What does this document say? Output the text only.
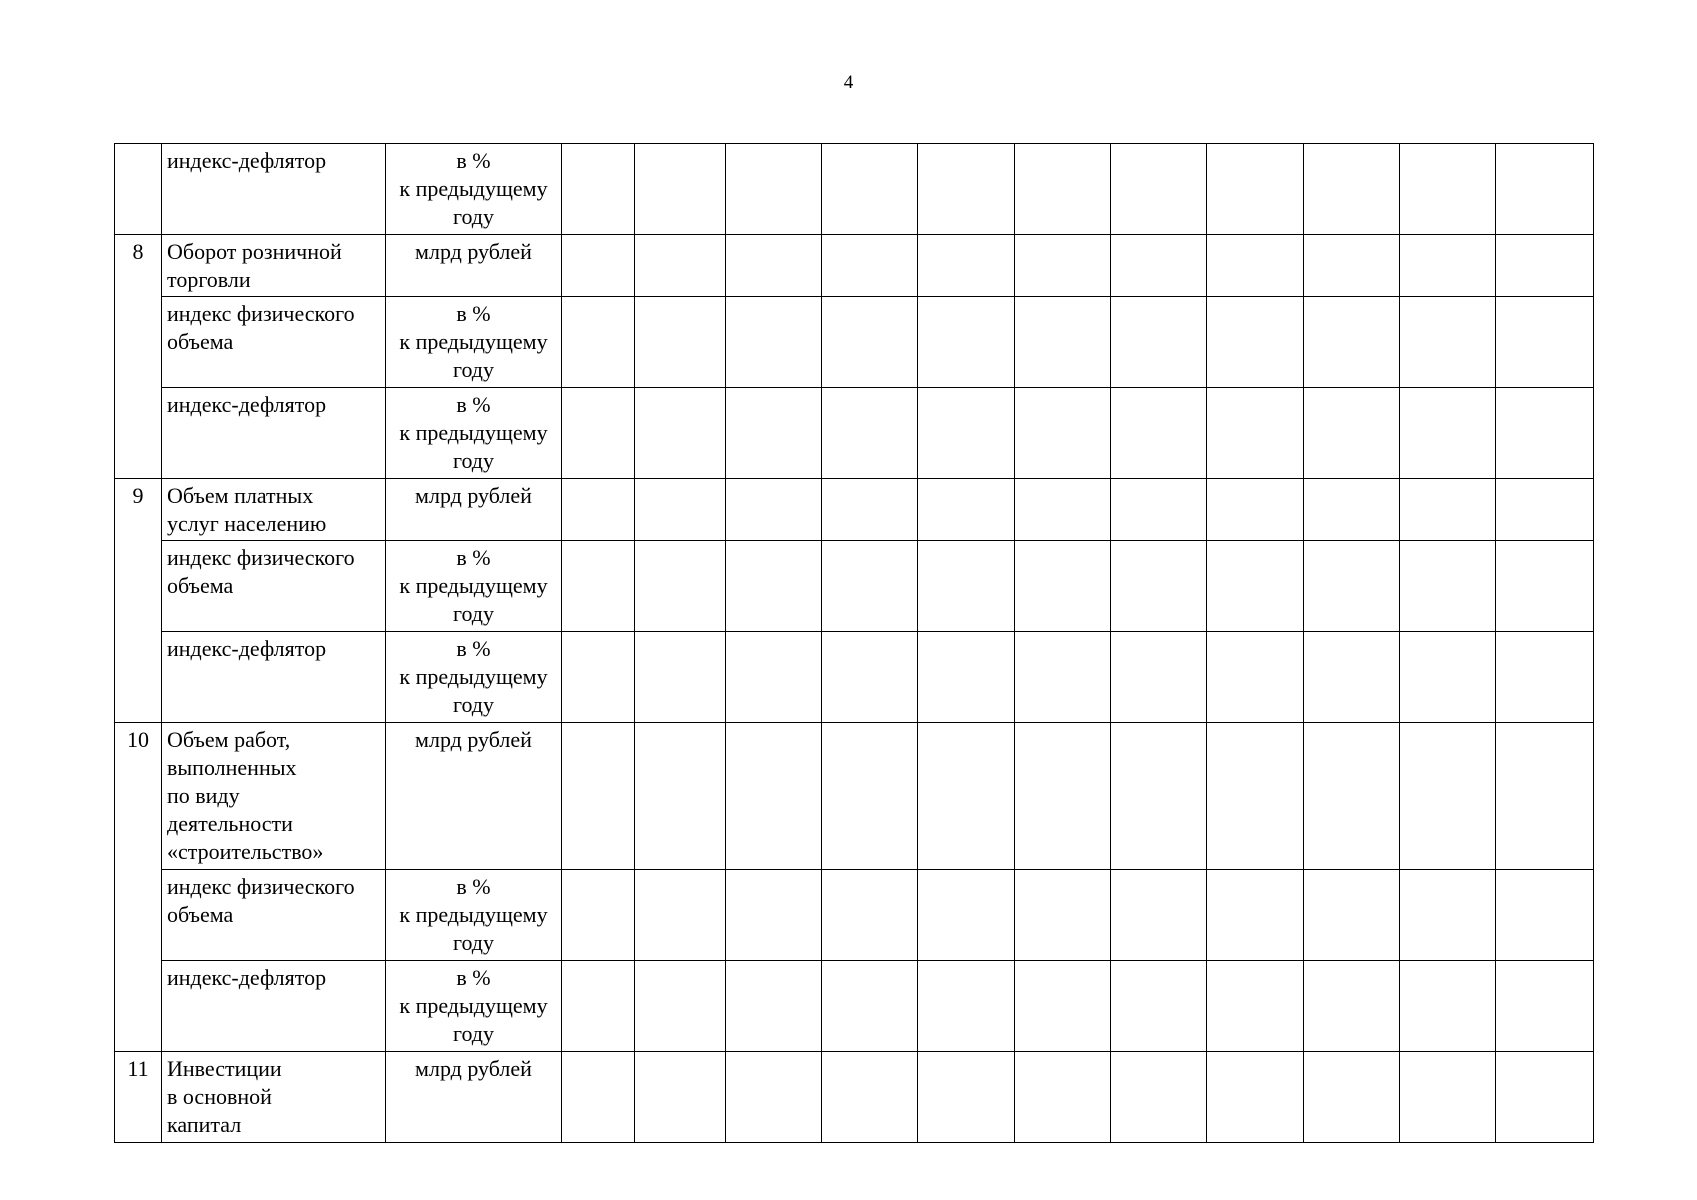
4
	индекс-дефлятор	в %
к предыдущему
году											
8	Оборот розничной
торговли	млрд рублей											
	индекс физического
объема	в %
к предыдущему
году											
	индекс-дефлятор	в %
к предыдущему
году											
9	Объем платных
услуг населению	млрд рублей											
	индекс физического
объема	в %
к предыдущему
году											
	индекс-дефлятор	в %
к предыдущему
году											
10	Объем работ,
выполненных
по виду
деятельности
«строительство»	млрд рублей											
	индекс физического
объема	в %
к предыдущему
году											
	индекс-дефлятор	в %
к предыдущему
году											
11	Инвестиции
в основной
капитал	млрд рублей											
